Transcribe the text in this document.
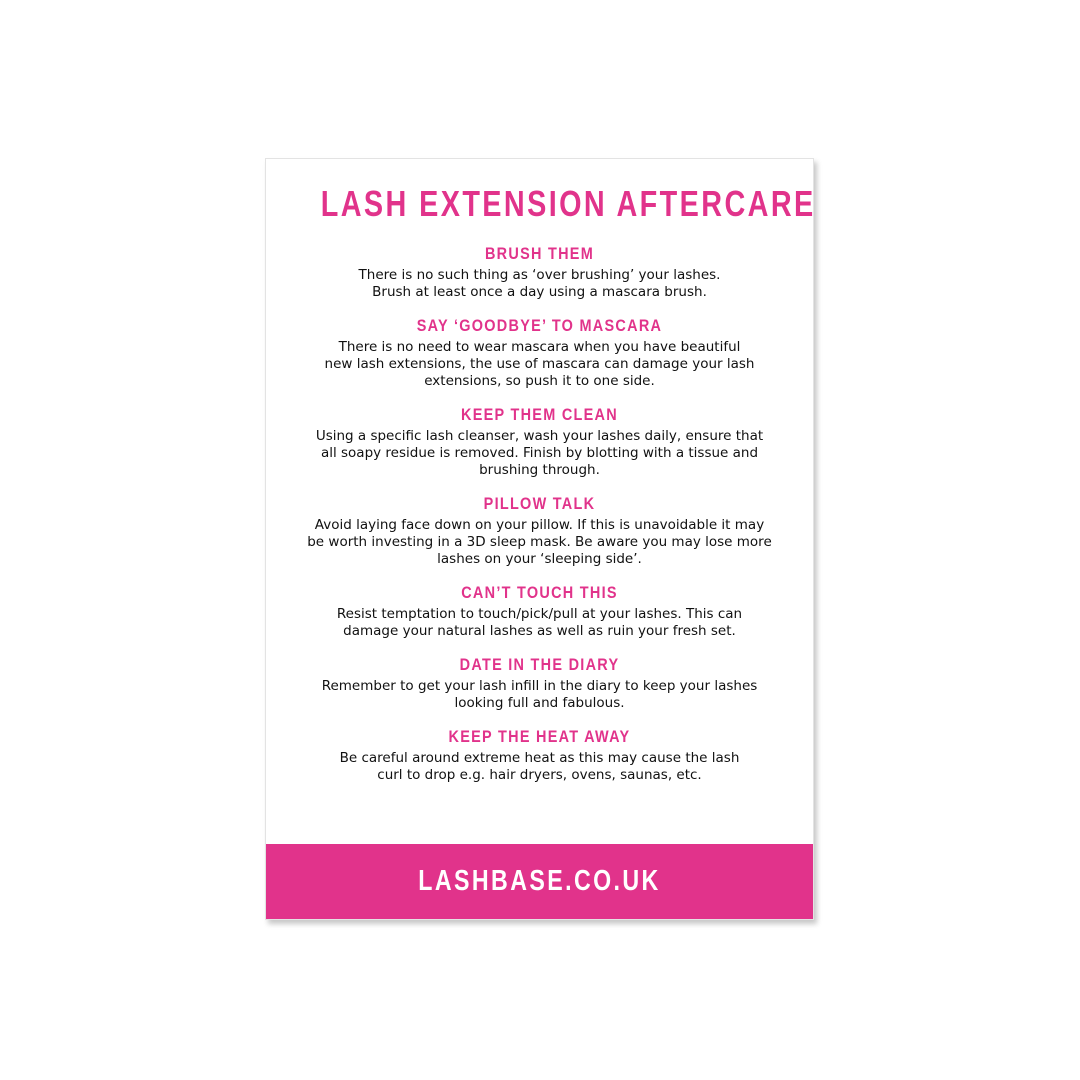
LASH EXTENSION AFTERCARE
BRUSH THEM
There is no such thing as ‘over brushing’ your lashes.
Brush at least once a day using a mascara brush.
SAY ‘GOODBYE’ TO MASCARA
There is no need to wear mascara when you have beautiful
new lash extensions, the use of mascara can damage your lash
extensions, so push it to one side.
KEEP THEM CLEAN
Using a specific lash cleanser, wash your lashes daily, ensure that
all soapy residue is removed. Finish by blotting with a tissue and
brushing through.
PILLOW TALK
Avoid laying face down on your pillow. If this is unavoidable it may
be worth investing in a 3D sleep mask. Be aware you may lose more
lashes on your ‘sleeping side’.
CAN’T TOUCH THIS
Resist temptation to touch/pick/pull at your lashes. This can
damage your natural lashes as well as ruin your fresh set.
DATE IN THE DIARY
Remember to get your lash infill in the diary to keep your lashes
looking full and fabulous.
KEEP THE HEAT AWAY
Be careful around extreme heat as this may cause the lash
curl to drop e.g. hair dryers, ovens, saunas, etc.
LASHBASE.CO.UK
